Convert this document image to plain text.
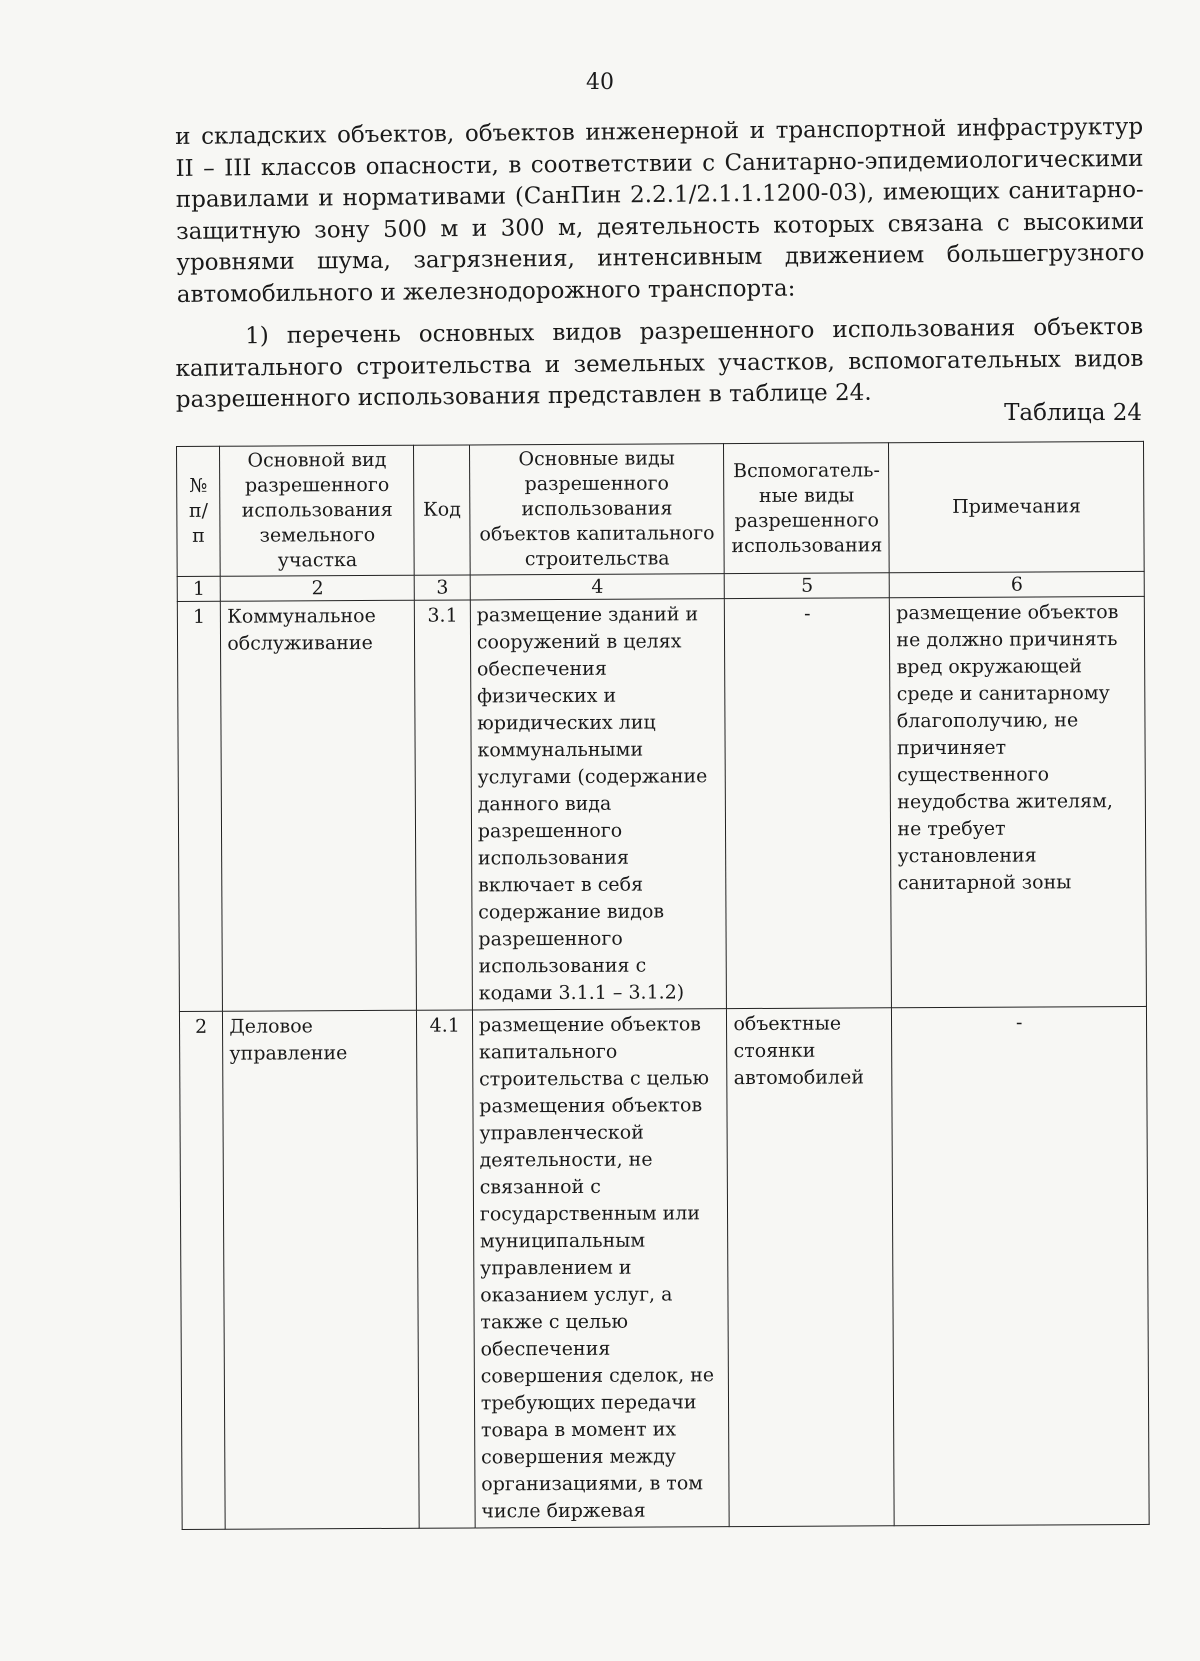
40
и складских объектов, объектов инженерной и транспортной инфраструктур II – III классов опасности, в соответствии с Санитарно-эпидемиологическими правилами и нормативами (СанПин 2.2.1/2.1.1.1200-03), имеющих санитарно-защитную зону 500 м и 300 м, деятельность которых связана с высокими уровнями шума, загрязнения, интенсивным движением большегрузного автомобильного и железнодорожного транспорта:
1) перечень основных видов разрешенного использования объектов капитального строительства и земельных участков, вспомогательных видов разрешенного использования представлен в таблице 24.
Таблица 24
№ п/п	Основной вид разрешенного использования земельного участка	Код	Основные виды разрешенного использования объектов капитального строительства	Вспомогатель-ные виды разрешенного использования	Примечания
1	2	3	4	5	6
1	Коммунальное обслуживание	3.1	размещение зданий и сооружений в целях обеспечения физических и юридических лиц коммунальными услугами (содержание данного вида разрешенного использования включает в себя содержание видов разрешенного использования с кодами 3.1.1 – 3.1.2)	-	размещение объектов не должно причинять вред окружающей среде и санитарному благополучию, не причиняет существенного неудобства жителям, не требует установления санитарной зоны
2	Деловое управление	4.1	размещение объектов капитального строительства с целью размещения объектов управленческой деятельности, не связанной с государственным или муниципальным управлением и оказанием услуг, а также с целью обеспечения совершения сделок, не требующих передачи товара в момент их совершения между организациями, в том числе биржевая	объектные стоянки автомобилей	-
